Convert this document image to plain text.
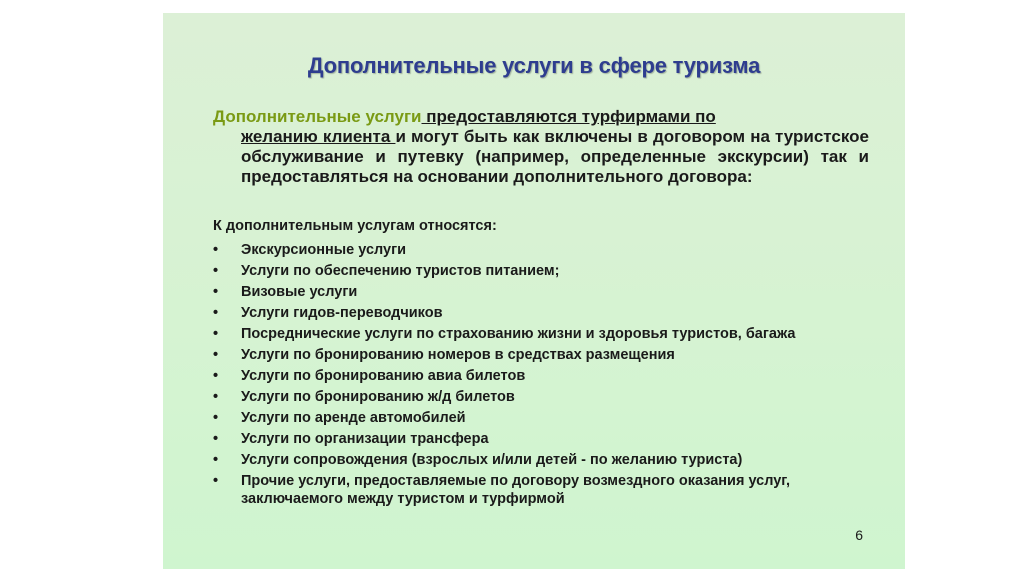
Дополнительные услуги в сфере туризма
Дополнительные услуги предоставляются турфирмами по
желанию клиента и могут быть как включены в договором на туристское обслуживание и путевку (например, определенные экскурсии) так и предоставляться на основании дополнительного договора:
К дополнительным услугам относятся:
• Экскурсионные услуги
• Услуги по обеспечению туристов питанием;
• Визовые услуги
• Услуги гидов-переводчиков
• Посреднические услуги по страхованию жизни и здоровья туристов, багажа
• Услуги по бронированию номеров в средствах размещения
• Услуги по бронированию авиа билетов
• Услуги по бронированию ж/д билетов
• Услуги по аренде автомобилей
• Услуги по организации трансфера
• Услуги сопровождения (взрослых и/или детей - по желанию туриста)
• Прочие услуги, предоставляемые по договору возмездного оказания услуг, заключаемого между туристом и турфирмой
6
